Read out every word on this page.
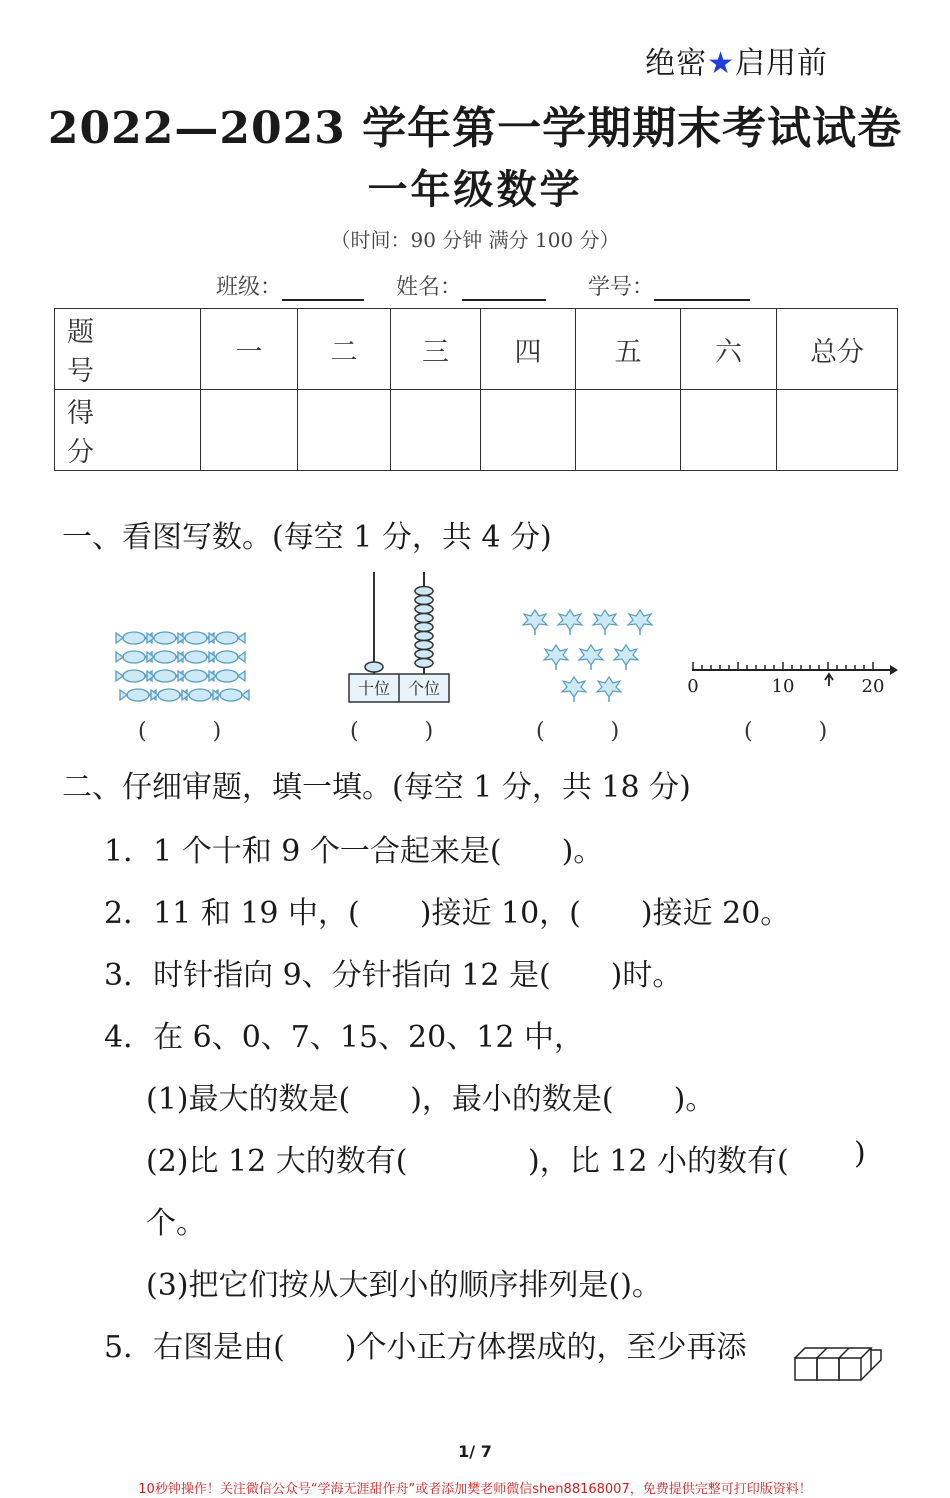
绝密★启用前
2022—2023 学年第一学期期末考试试卷
一年级数学
（时间：90 分钟 满分 100 分）
班级：	姓名：	学号：
题　号	一	二	三	四	五	六	总分
得　分							
一、看图写数。(每空 1 分，共 4 分)
十位 个位	0	10	20
(　　　)	(　　　)	(　　　)	(　　　)
二、仔细审题，填一填。(每空 1 分，共 18 分)
1．1 个十和 9 个一合起来是(　　)。
2．11 和 19 中，(　　)接近 10，(　　)接近 20。
3．时针指向 9、分针指向 12 是(　　)时。
4．在 6、0、7、15、20、12 中，
(1)最大的数是(　　)，最小的数是(　　)。
(2)比 12 大的数有(	)，比 12 小的数有( )
个。
(3)把它们按从大到小的顺序排列是()。
5．右图是由(　　)个小正方体摆成的，至少再添
1/ 7
10秒钟操作！关注微信公众号“学海无涯甜作舟”或者添加樊老师微信shen88168007，免费提供完整可打印版资料！
